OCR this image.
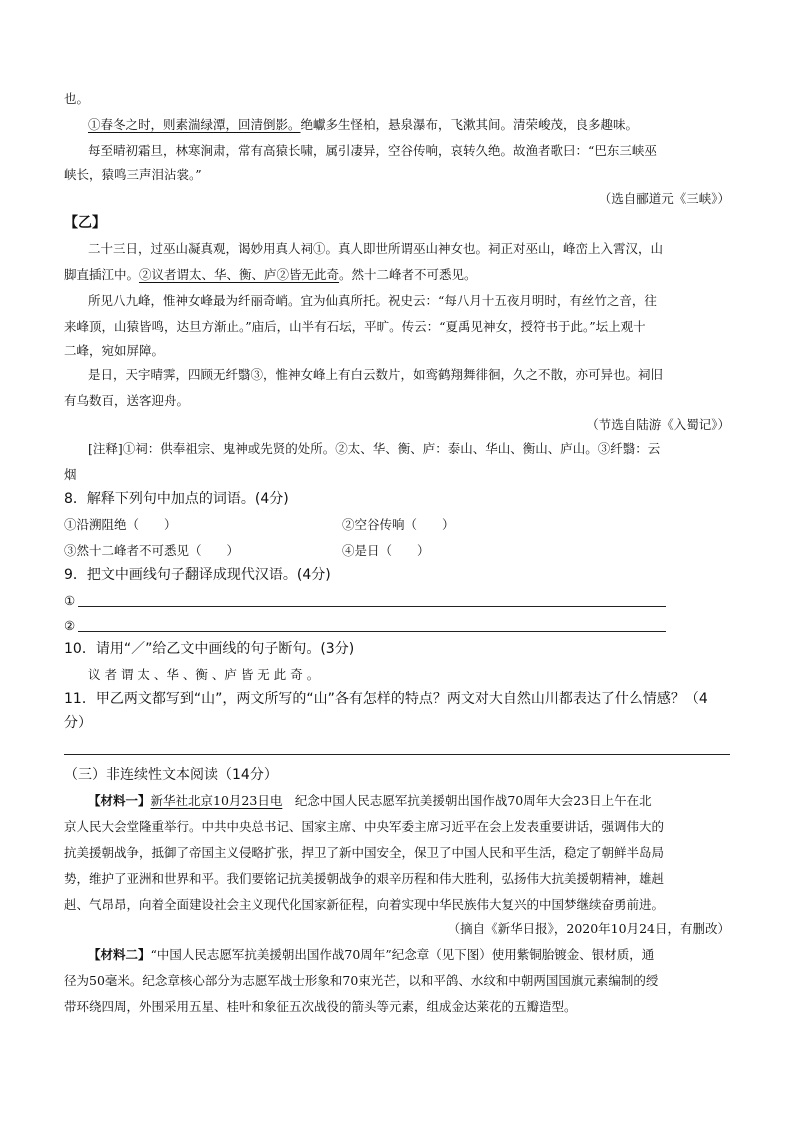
也。
①春冬之时，则素湍绿潭，回清倒影。绝巘多生怪柏，悬泉瀑布，飞漱其间。清荣峻茂，良多趣味。
每至晴初霜旦，林寒涧肃，常有高猿长啸，属引凄异，空谷传响，哀转久绝。故渔者歌曰：“巴东三峡巫
峡长，猿鸣三声泪沾裳。”
（选自郦道元《三峡》）
【乙】
二十三日，过巫山凝真观，谒妙用真人祠①。真人即世所谓巫山神女也。祠正对巫山，峰峦上入霄汉，山
脚直插江中。②议者谓太、华、衡、庐②皆无此奇。然十二峰者不可悉见。
所见八九峰，惟神女峰最为纤丽奇峭。宜为仙真所托。祝史云：“每八月十五夜月明时，有丝竹之音，往
来峰顶，山猿皆鸣，达旦方渐止。”庙后，山半有石坛，平旷。传云：“夏禹见神女，授符书于此。”坛上观十
二峰，宛如屏障。
是日，天宇晴霁，四顾无纤翳③，惟神女峰上有白云数片，如鸾鹤翔舞徘徊，久之不散，亦可异也。祠旧
有乌数百，送客迎舟。
（节选自陆游《入蜀记》）
[注释]①祠：供奉祖宗、鬼神或先贤的处所。②太、华、衡、庐：泰山、华山、衡山、庐山。③纤翳：云
烟
8．解释下列句中加点的词语。(4分)
①沿溯阻绝（　　）	②空谷传响（　　）
③然十二峰者不可悉见（　　）	④是日（　　）
9．把文中画线句子翻译成现代汉语。(4分)
①
②
10．请用“／”给乙文中画线的句子断句。(3分)
议 者 谓 太 、华 、衡 、庐 皆 无 此 奇 。
11．甲乙两文都写到“山”，两文所写的“山”各有怎样的特点？两文对大自然山川都表达了什么情感？（4
分）
（三）非连续性文本阅读（14分）
【材料一】新华社北京10月23日电　纪念中国人民志愿军抗美援朝出国作战70周年大会23日上午在北
京人民大会堂隆重举行。中共中央总书记、国家主席、中央军委主席习近平在会上发表重要讲话，强调伟大的
抗美援朝战争，抵御了帝国主义侵略扩张，捍卫了新中国安全，保卫了中国人民和平生活，稳定了朝鲜半岛局
势，维护了亚洲和世界和平。我们要铭记抗美援朝战争的艰辛历程和伟大胜利，弘扬伟大抗美援朝精神，雄赳
赳、气昂昂，向着全面建设社会主义现代化国家新征程，向着实现中华民族伟大复兴的中国梦继续奋勇前进。
（摘自《新华日报》，2020年10月24日，有删改）
【材料二】“中国人民志愿军抗美援朝出国作战70周年”纪念章（见下图）使用紫铜胎镀金、银材质，通
径为50毫米。纪念章核心部分为志愿军战士形象和70束光芒，以和平鸽、水纹和中朝两国国旗元素编制的绶
带环绕四周，外围采用五星、桂叶和象征五次战役的箭头等元素，组成金达莱花的五瓣造型。
